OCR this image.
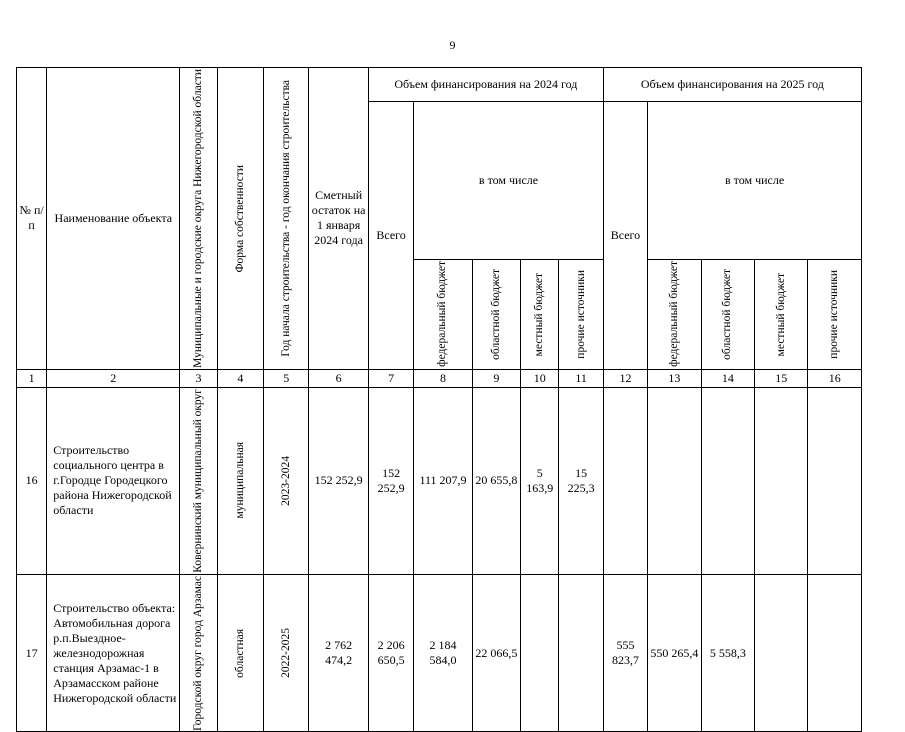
9
№ п/п	Наименование объекта	Муниципальные и городские округа Нижегородской области	Форма собственности	Год начала строительства - год окончания строительства	Сметный остаток на 1 января 2024 года	Объем финансирования на 2024 год					Объем финансирования на 2025 год				
						Всего	в том числе				Всего	в том числе			

							федеральный бюджет	областной бюджет	местный бюджет	прочие источники		федеральный бюджет	областной бюджет	местный бюджет	прочие источники

1	2	3	4	5	6	7	8	9	10	11	12	13	14	15	16
16	Строительство социального центра в г.Городце Городецкого района Нижегородской области	Ковернинский муниципальный округ	муниципальная	2023-2024	152 252,9	152 252,9	111 207,9	20 655,8	5 163,9	15 225,3					
17	Строительство объекта: Автомобильная дорога р.п.Выездное-железнодорожная станция Арзамас-1 в Арзамасском районе Нижегородской области	Городской округ город Арзамас	областная	2022-2025	2 762 474,2	2 206 650,5	2 184 584,0	22 066,5			555 823,7	550 265,4	5 558,3		
